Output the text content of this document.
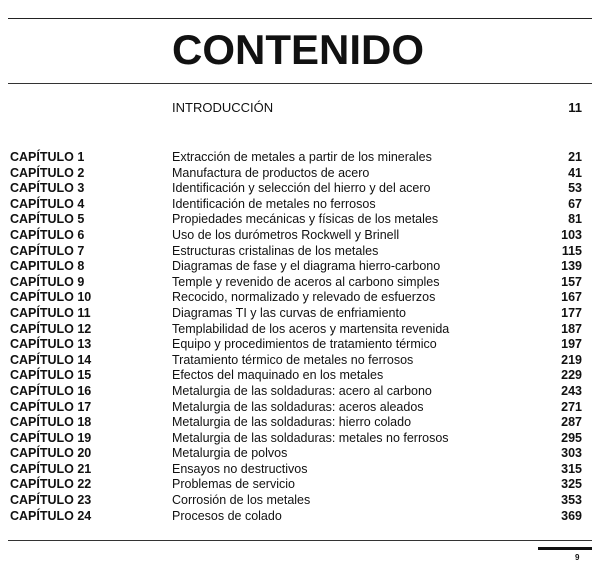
CONTENIDO
INTRODUCCIÓN	11
CAPÍTULO 1	Extracción de metales a partir de los minerales	21
CAPÍTULO 2	Manufactura de productos de acero	41
CAPÍTULO 3	Identificación y selección del hierro y del acero	53
CAPÍTULO 4	Identificación de metales no ferrosos	67
CAPÍTULO 5	Propiedades mecánicas y físicas de los metales	81
CAPÍTULO 6	Uso de los durómetros Rockwell y Brinell	103
CAPÍTULO 7	Estructuras cristalinas de los metales	115
CAPITULO 8	Diagramas de fase y el diagrama hierro-carbono	139
CAPÍTULO 9	Temple y revenido de aceros al carbono simples	157
CAPÍTULO 10	Recocido, normalizado y relevado de esfuerzos	167
CAPÍTULO 11	Diagramas TI y las curvas de enfriamiento	177
CAPÍTULO 12	Templabilidad de los aceros y martensita revenida	187
CAPÍTULO 13	Equipo y procedimientos de tratamiento térmico	197
CAPÍTULO 14	Tratamiento térmico de metales no ferrosos	219
CAPÍTULO 15	Efectos del maquinado en los metales	229
CAPÍTULO 16	Metalurgia de las soldaduras: acero al carbono	243
CAPÍTULO 17	Metalurgia de las soldaduras: aceros aleados	271
CAPÍTULO 18	Metalurgia de las soldaduras: hierro colado	287
CAPÍTULO 19	Metalurgia de las soldaduras: metales no ferrosos	295
CAPÍTULO 20	Metalurgia de polvos	303
CAPÍTULO 21	Ensayos no destructivos	315
CAPÍTULO 22	Problemas de servicio	325
CAPÍTULO 23	Corrosión de los metales	353
CAPÍTULO 24	Procesos de colado	369
9
